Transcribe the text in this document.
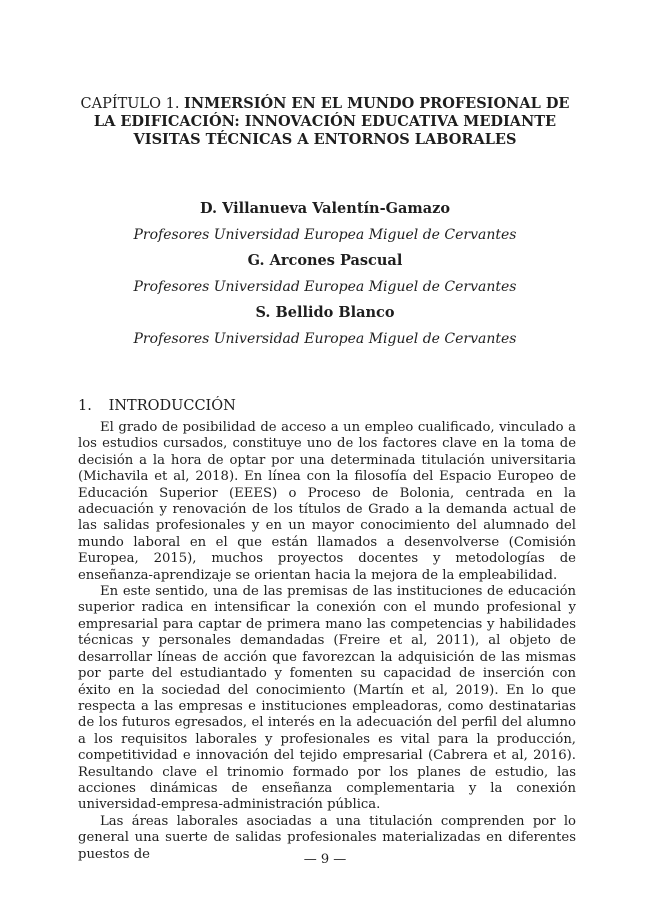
CAPÍTULO 1. INMERSIÓN EN EL MUNDO PROFESIONAL DE LA EDIFICACIÓN: INNOVACIÓN EDUCATIVA MEDIANTE VISITAS TÉCNICAS A ENTORNOS LABORALES
D. Villanueva Valentín-Gamazo
Profesores Universidad Europea Miguel de Cervantes
G. Arcones Pascual
Profesores Universidad Europea Miguel de Cervantes
S. Bellido Blanco
Profesores Universidad Europea Miguel de Cervantes
1. INTRODUCCIÓN

El grado de posibilidad de acceso a un empleo cualificado, vinculado a los estudios cursados, constituye uno de los factores clave en la toma de decisión a la hora de optar por una determinada titulación universitaria (Michavila et al, 2018). En línea con la filosofía del Espacio Europeo de Educación Superior (EEES) o Proceso de Bolonia, centrada en la adecuación y renovación de los títulos de Grado a la demanda actual de las salidas profesionales y en un mayor conocimiento del alumnado del mundo laboral en el que están llamados a desenvolverse (Comisión Europea, 2015), muchos proyectos docentes y metodologías de enseñanza-aprendizaje se orientan hacia la mejora de la empleabilidad.

En este sentido, una de las premisas de las instituciones de educación superior radica en intensificar la conexión con el mundo profesional y empresarial para captar de primera mano las competencias y habilidades técnicas y personales demandadas (Freire et al, 2011), al objeto de desarrollar líneas de acción que favorezcan la adquisición de las mismas por parte del estudiantado y fomenten su capacidad de inserción con éxito en la sociedad del conocimiento (Martín et al, 2019). En lo que respecta a las empresas e instituciones empleadoras, como destinatarias de los futuros egresados, el interés en la adecuación del perfil del alumno a los requisitos laborales y profesionales es vital para la producción, competitividad e innovación del tejido empresarial (Cabrera et al, 2016). Resultando clave el trinomio formado por los planes de estudio, las acciones dinámicas de enseñanza complementaria y la conexión universidad-empresa-administración pública.

Las áreas laborales asociadas a una titulación comprenden por lo general una suerte de salidas profesionales materializadas en diferentes puestos de	— 9 —
